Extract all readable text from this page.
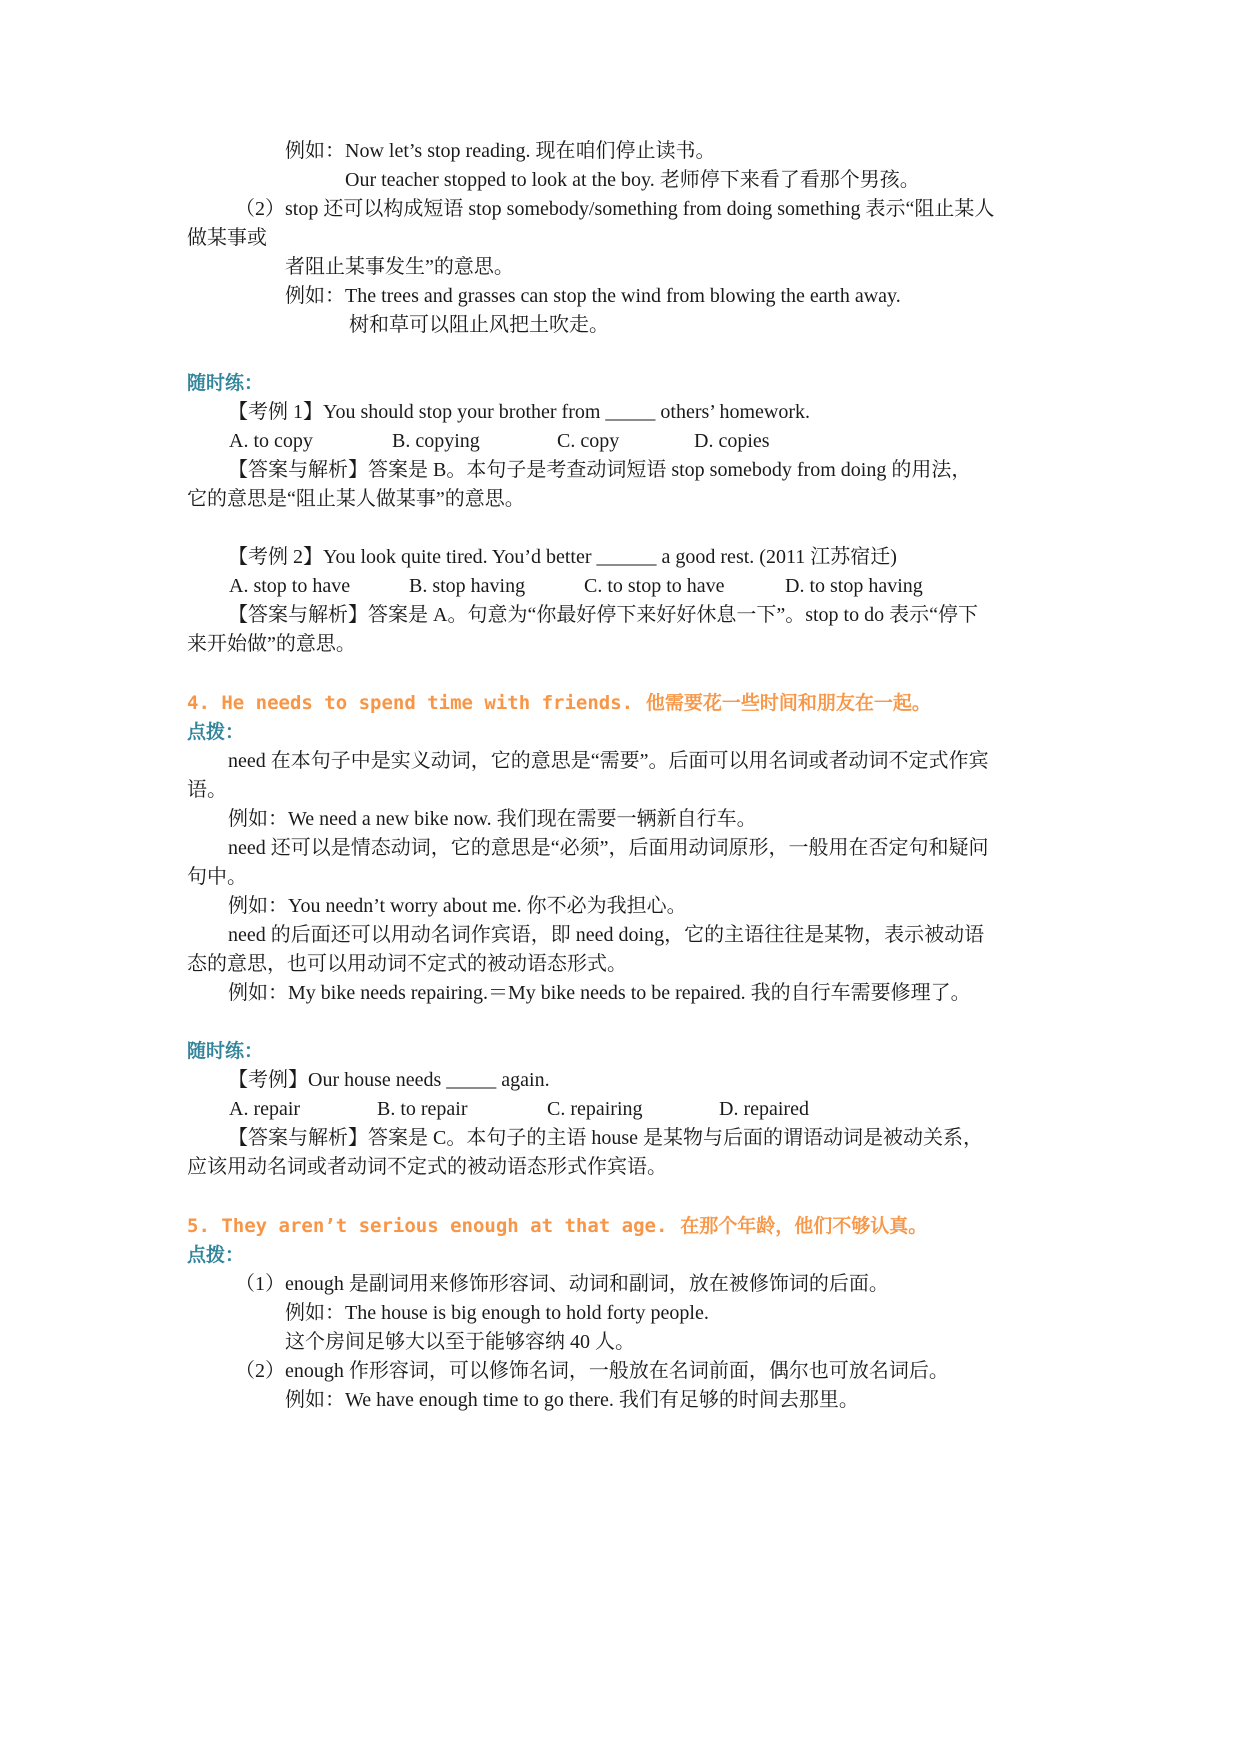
例如：Now let’s stop reading. 现在咱们停止读书。
Our teacher stopped to look at the boy. 老师停下来看了看那个男孩。
（2）stop 还可以构成短语 stop somebody/something from doing something 表示“阻止某人
做某事或
者阻止某事发生”的意思。
例如：The trees and grasses can stop the wind from blowing the earth away.
树和草可以阻止风把土吹走。
随时练：
【考例 1】You should stop your brother from _____ others’ homework.
A. to copy	B. copying	C. copy	D. copies
【答案与解析】答案是 B。本句子是考查动词短语 stop somebody from doing 的用法，
它的意思是“阻止某人做某事”的意思。
【考例 2】You look quite tired. You’d better ______ a good rest. (2011 江苏宿迁)
A. stop to have	B. stop having	C. to stop to have	D. to stop having
【答案与解析】答案是 A。句意为“你最好停下来好好休息一下”。stop to do 表示“停下
来开始做”的意思。
4. He needs to spend time with friends. 他需要花一些时间和朋友在一起。
点拨：
need 在本句子中是实义动词，它的意思是“需要”。后面可以用名词或者动词不定式作宾
语。
例如：We need a new bike now. 我们现在需要一辆新自行车。
need 还可以是情态动词，它的意思是“必须”，后面用动词原形，一般用在否定句和疑问
句中。
例如：You needn’t worry about me. 你不必为我担心。
need 的后面还可以用动名词作宾语，即 need doing，它的主语往往是某物，表示被动语
态的意思，也可以用动词不定式的被动语态形式。
例如：My bike needs repairing.＝My bike needs to be repaired. 我的自行车需要修理了。
随时练：
【考例】Our house needs _____ again.
A. repair	B. to repair	C. repairing	D. repaired
【答案与解析】答案是 C。本句子的主语 house 是某物与后面的谓语动词是被动关系，
应该用动名词或者动词不定式的被动语态形式作宾语。
5. They aren’t serious enough at that age. 在那个年龄，他们不够认真。
点拨：
（1）enough 是副词用来修饰形容词、动词和副词，放在被修饰词的后面。
例如：The house is big enough to hold forty people.
这个房间足够大以至于能够容纳 40 人。
（2）enough 作形容词，可以修饰名词，一般放在名词前面，偶尔也可放名词后。
例如：We have enough time to go there. 我们有足够的时间去那里。
